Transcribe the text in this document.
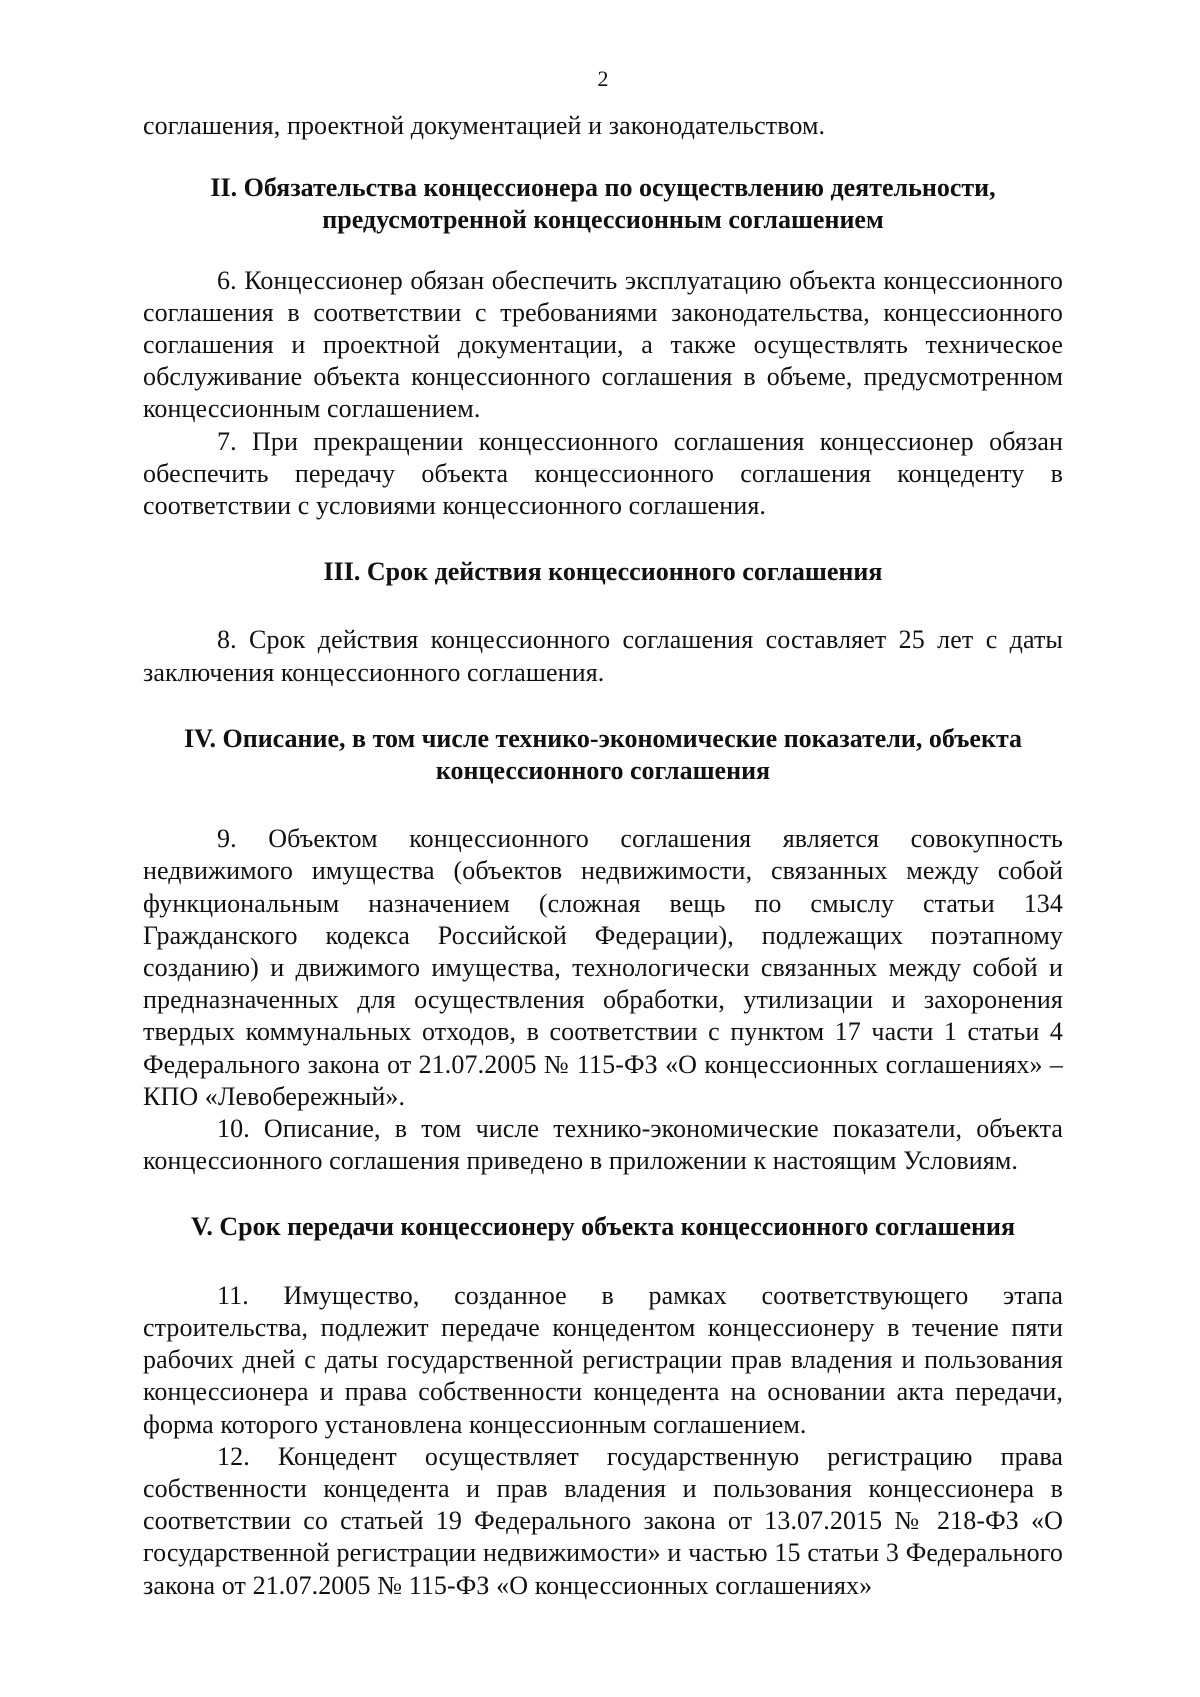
2

соглашения, проектной документацией и законодательством.

II. Обязательства концессионера по осуществлению деятельности, предусмотренной концессионным соглашением

6. Концессионер обязан обеспечить эксплуатацию объекта концессионного соглашения в соответствии с требованиями законодательства, концессионного соглашения и проектной документации, а также осуществлять техническое обслуживание объекта концессионного соглашения в объеме, предусмотренном концессионным соглашением.

7. При прекращении концессионного соглашения концессионер обязан обеспечить передачу объекта концессионного соглашения концеденту в соответствии с условиями концессионного соглашения.

III. Срок действия концессионного соглашения

8. Срок действия концессионного соглашения составляет 25 лет с даты заключения концессионного соглашения.

IV. Описание, в том числе технико-экономические показатели, объекта концессионного соглашения

9. Объектом концессионного соглашения является совокупность недвижимого имущества (объектов недвижимости, связанных между собой функциональным назначением (сложная вещь по смыслу статьи 134 Гражданского кодекса Российской Федерации), подлежащих поэтапному созданию) и движимого имущества, технологически связанных между собой и предназначенных для осуществления обработки, утилизации и захоронения твердых коммунальных отходов, в соответствии с пунктом 17 части 1 статьи 4 Федерального закона от 21.07.2005 № 115-ФЗ «О концессионных соглашениях» – КПО «Левобережный».

10. Описание, в том числе технико-экономические показатели, объекта концессионного соглашения приведено в приложении к настоящим Условиям.

V. Срок передачи концессионеру объекта концессионного соглашения

11. Имущество, созданное в рамках соответствующего этапа строительства, подлежит передаче концедентом концессионеру в течение пяти рабочих дней с даты государственной регистрации прав владения и пользования концессионера и права собственности концедента на основании акта передачи, форма которого установлена концессионным соглашением.

12. Концедент осуществляет государственную регистрацию права собственности концедента и прав владения и пользования концессионера в соответствии со статьей 19 Федерального закона от 13.07.2015 № 218-ФЗ «О государственной регистрации недвижимости» и частью 15 статьи 3 Федерального закона от 21.07.2005 № 115-ФЗ «О концессионных соглашениях»
